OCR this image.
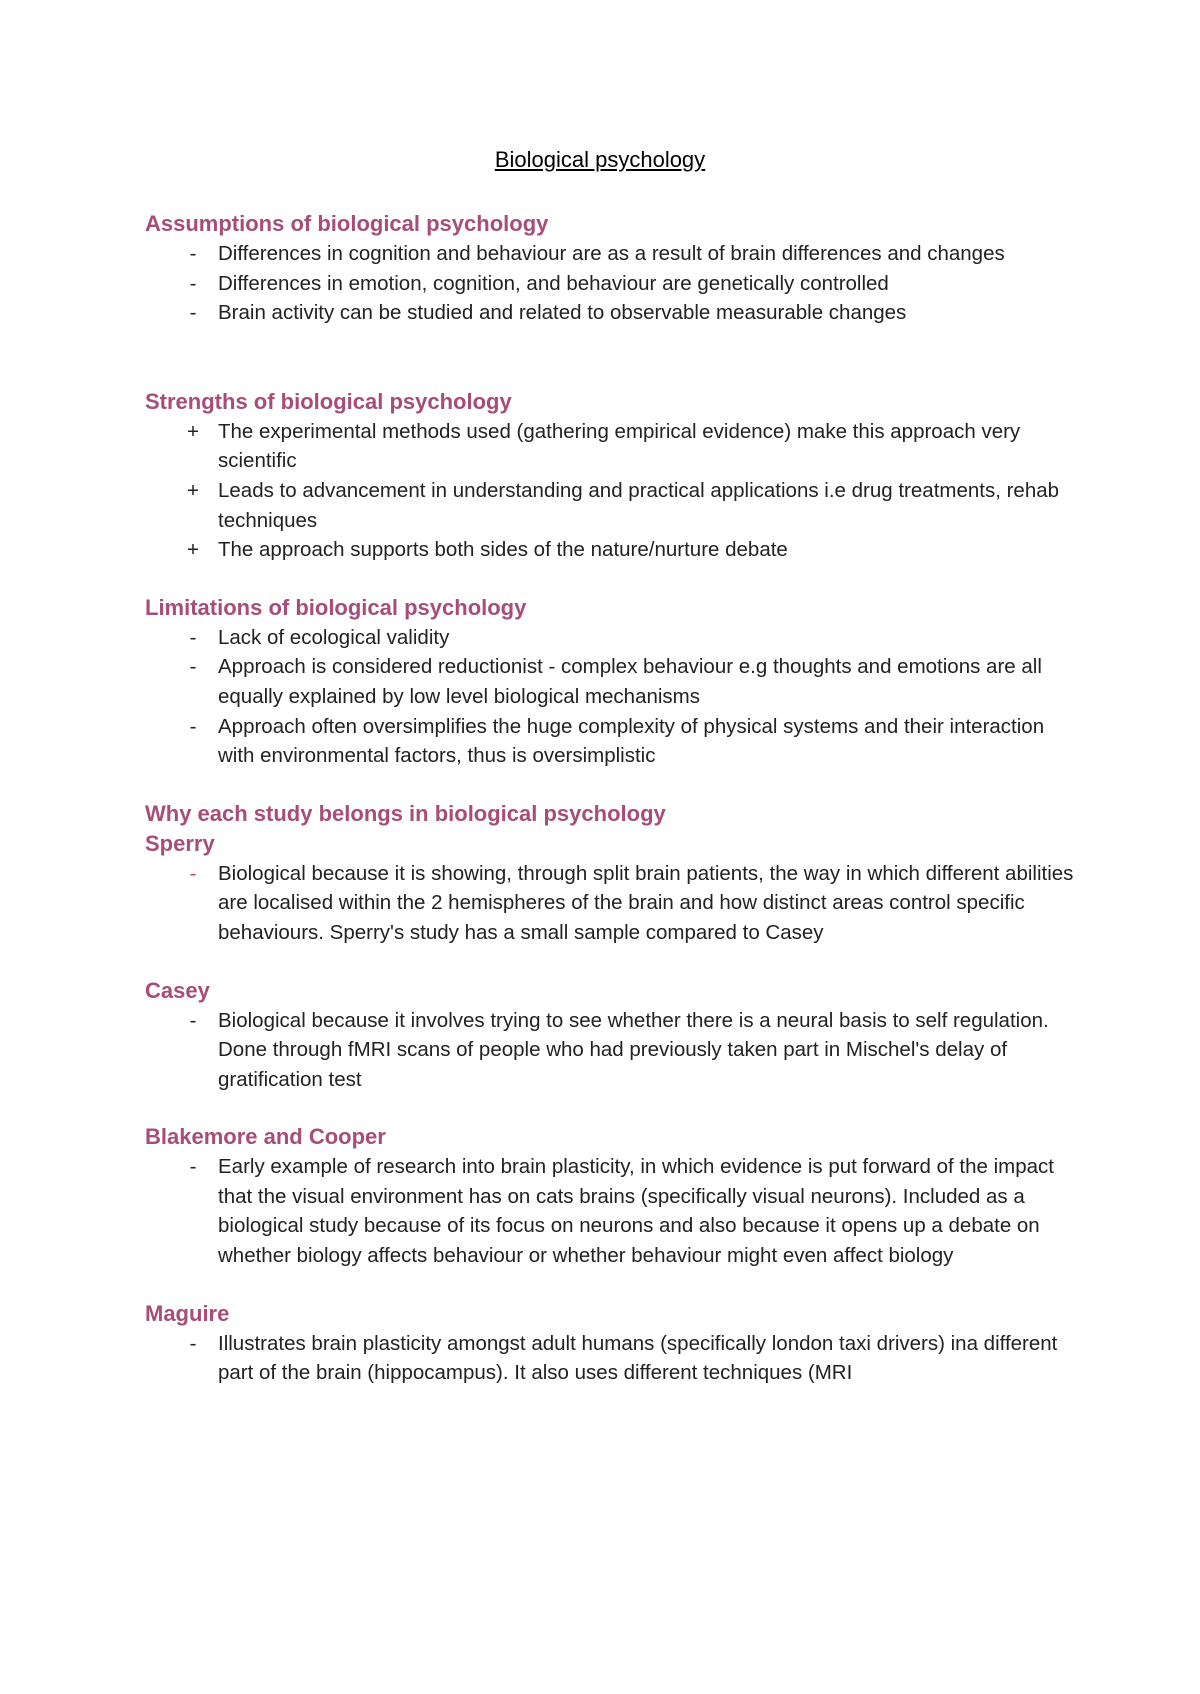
Biological psychology
Assumptions of biological psychology
-	Differences in cognition and behaviour are as a result of brain differences and changes
-	Differences in emotion, cognition, and behaviour are genetically controlled
-	Brain activity can be studied and related to observable measurable changes
Strengths of biological psychology
+ The experimental methods used (gathering empirical evidence) make this approach very scientific
+ Leads to advancement in understanding and practical applications i.e drug treatments, rehab techniques
+ The approach supports both sides of the nature/nurture debate
Limitations of biological psychology
-	Lack of ecological validity
-	Approach is considered reductionist - complex behaviour e.g thoughts and emotions are all equally explained by low level biological mechanisms
-	Approach often oversimplifies the huge complexity of physical systems and their interaction with environmental factors, thus is oversimplistic
Why each study belongs in biological psychology
Sperry
-	Biological because it is showing, through split brain patients, the way in which different abilities are localised within the 2 hemispheres of the brain and how distinct areas control specific behaviours. Sperry's study has a small sample compared to Casey
Casey
-	Biological because it involves trying to see whether there is a neural basis to self regulation. Done through fMRI scans of people who had previously taken part in Mischel's delay of gratification test
Blakemore and Cooper
-	Early example of research into brain plasticity, in which evidence is put forward of the impact that the visual environment has on cats brains (specifically visual neurons). Included as a biological study because of its focus on neurons and also because it opens up a debate on whether biology affects behaviour or whether behaviour might even affect biology
Maguire
-	Illustrates brain plasticity amongst adult humans (specifically london taxi drivers) ina different part of the brain (hippocampus). It also uses different techniques (MRI
